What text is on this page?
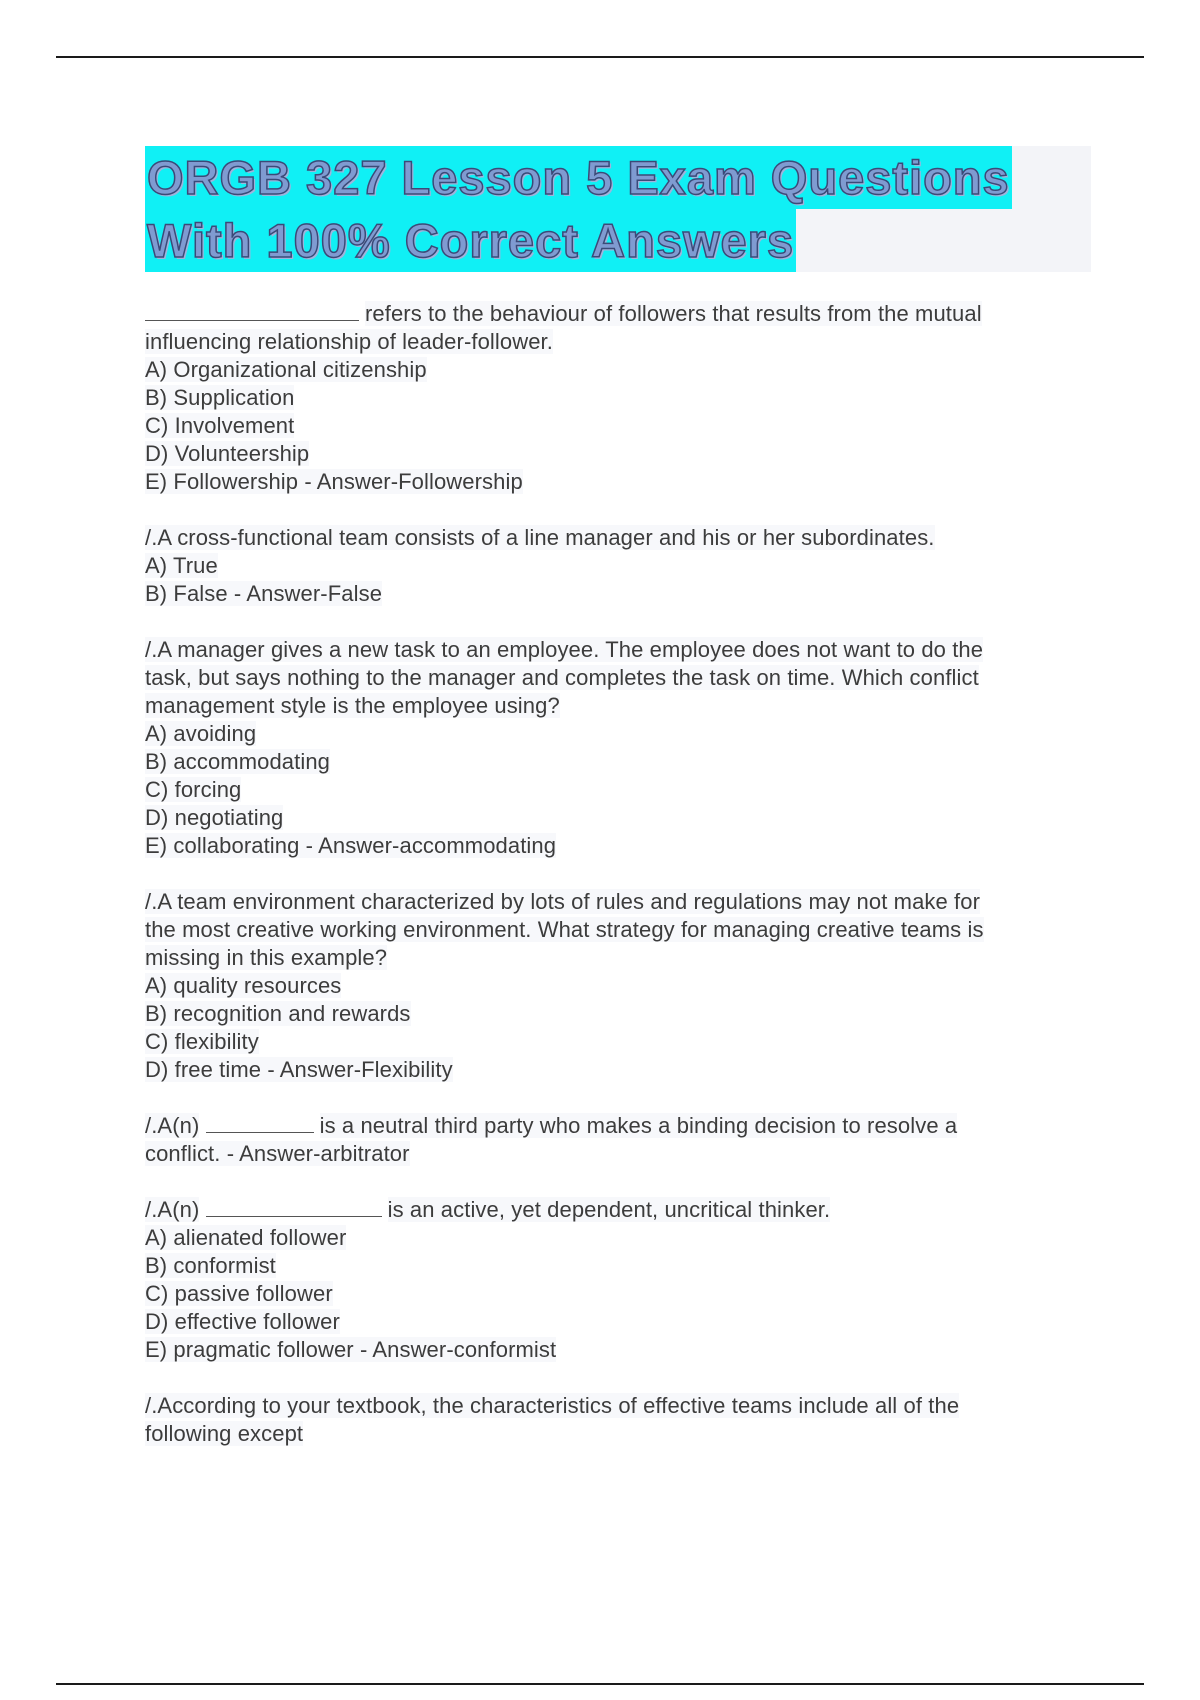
ORGB 327 Lesson 5 Exam Questions
With 100% Correct Answers
refers to the behaviour of followers that results from the mutual
influencing relationship of leader-follower.
A) Organizational citizenship
B) Supplication
C) Involvement
D) Volunteership
E) Followership - Answer-Followership
/.A cross-functional team consists of a line manager and his or her subordinates.
A) True
B) False - Answer-False
/.A manager gives a new task to an employee. The employee does not want to do the
task, but says nothing to the manager and completes the task on time. Which conflict
management style is the employee using?
A) avoiding
B) accommodating
C) forcing
D) negotiating
E) collaborating - Answer-accommodating
/.A team environment characterized by lots of rules and regulations may not make for
the most creative working environment. What strategy for managing creative teams is
missing in this example?
A) quality resources
B) recognition and rewards
C) flexibility
D) free time - Answer-Flexibility
/.A(n)	is a neutral third party who makes a binding decision to resolve a
conflict. - Answer-arbitrator
/.A(n)	is an active, yet dependent, uncritical thinker.
A) alienated follower
B) conformist
C) passive follower
D) effective follower
E) pragmatic follower - Answer-conformist
/.According to your textbook, the characteristics of effective teams include all of the
following except
